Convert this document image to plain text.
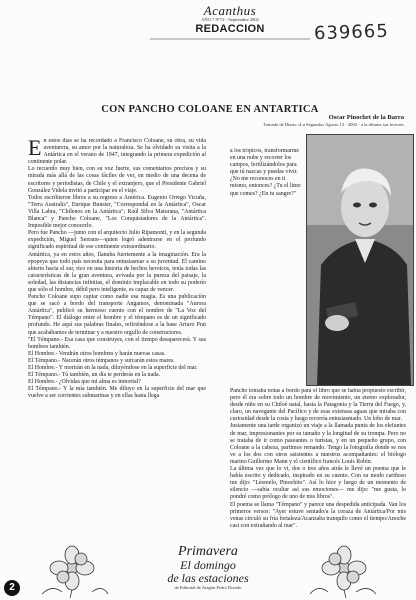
Acanthus
AÑO 7 Nº72 - Septiembre 2002
REDACCION	639665
CON PANCHO COLOANE EN ANTARTICA
Oscar Pinochet de la Barra
Tomado de Diario «La Segunda» Agosto 13 - 2002 - a la difunta sus lectores

En estos días se ha recordado a Francisco Coloane, su obra, su vida aventurera, su amor por la naturaleza. Se ha olvidado su visita a la Antártica en el verano de 1947, integrando la primera expedición al continente polar.

Lo recuerdo muy bien, con su voz fuerte, sus comentarios precisos y su mirada más allá de las cosas fáciles de ver, en medio de una decena de escritores y periodistas, de Chile y el extranjero, que el Presidente Gabriel González Videla invitó a participar en el viaje.

Todos escribieron libros a su regreso a América. Eugenio Orrego Vicuña, "Terra Australis", Enrique Bunster, "Correspondal en la Antártica", Oscar Villa Labra, "Chilenos en la Antártica"; Raúl Silva Maturana, "Antártica Blanca" y Pancho Coloane, "Los Conquistadores de la Antártica". Imposible mejor conocerlo.

Pero fue Pancho —junto con el arquitecto Julio Ripamonti, y en la segunda expedición, Miguel Serrano—quien logró adentrarse en el profundo significado espiritual de ese continente extraordinario.

Antártica, ya en estos años, Ilanuba fuertemente a la imaginación. Era la epopeya que todo país necesita para entusiasmar a su juventud. El camino abierto hacia el sur, rico en una historia de hechos heroicos, tenía todas las características de la gran aventura, avivada por la pureza del paisaje, la soledad, las distancias infinitas, el dominio implacable en todo su poderío que sólo el hombre, débil pero inteligente, es capaz de vencer.

Pancho Coloane supo captar como nadie esa magia. Es una publicación que se sacó a bordo del transporte Angamos, denominada "Aurora Antártica", publicó su hermoso cuento con el nombre de "La Voz del Témpano". El diálogo entre el hombre y el témpano es de un significado profundo. He aquí sus palabras finales, refiriéndose a la base Arturo Prat que acabábamos de terminar y a nuestro orgullo de constructores.

"El Témpano.- Esa casa que construyes, con el tiempo desaparecerá. Y sus hombres también.

El Hombre.- Vendrán otros hombres y harán nuevas casas.

El Témpano.- Nacerán otros témpanos y surcarán estos mares.

El Hombre.- Y morirán en la nada, diluyéndose en la superficie del mar.

El Témpano.- Tú también, un día te perderás en la nada.

El Hombre.- ¿Olvidas que mi alma es inmortal?

El Témpano.- Y la mía también. Me diluyo en la superficie del mar que vuelve a ser corrientes submarinas y en ellas hasta llega

a los trópicos, transformarme en una nube y recorrer los campos, fertilizándolos para que tú nazcas y puedas vivir. ¿No me reconoces en ti mismo, entonces? ¿Tu el limo que comes? ¿En tu sangre?"

Pancho tomaba notas a bordo para el libro que se había propuesto escribir, pero él era sobre todo un hombre de movimiento, un eterno explorador, desde niño en su Chiloé natal, hasta la Patagonia y la Tierra del Fuego, y, claro, un navegante del Pacífico y de esas extensas aguas que miraba con curiosidad desde la costa y luego recorría entusiasmado. Un lobo de mar.

Justamente una tarde organizó un viaje a la llamada punta de los elefantes de mar, impresionantes por su tamaño y la longitud de su trompa. Pero no se trataba de ir como paseantes o turistas, y en un pequeño grupo, con Coloane a la cabeza, partimos remando. Tengo la fotografía donde se nos ve a los dos con otros asistentes a nuestros acompañantes: el biólogo marino Guillermo Mann y el científico francés Louis Robin.

La última vez que lo vi, dos o tres años atrás le llevé un poema que le había escrito y dedicado, inspirado en su cuento. Con su modo cariñoso me dijo: "Léemelo, Pinochito". Así lo hice y luego de un momento de silencio —sabía ocultar así sus emociones— me dijo: "me gusta, lo pondré como prólogo de uno de mis libros".

El poema se llama "Témpano" y parece una despedida anticipada. Van los primeros versos: "Ayer estuve sentado/a la coraza de Antártica/Por mis venas circuló su fría fortaleza/Acanzaba tranquilo como el tiempo/Anoche casi con extrañando al mar".

Primavera
El domingo
de las estaciones
de Editorial de Aragón Pedro Dorado
2
